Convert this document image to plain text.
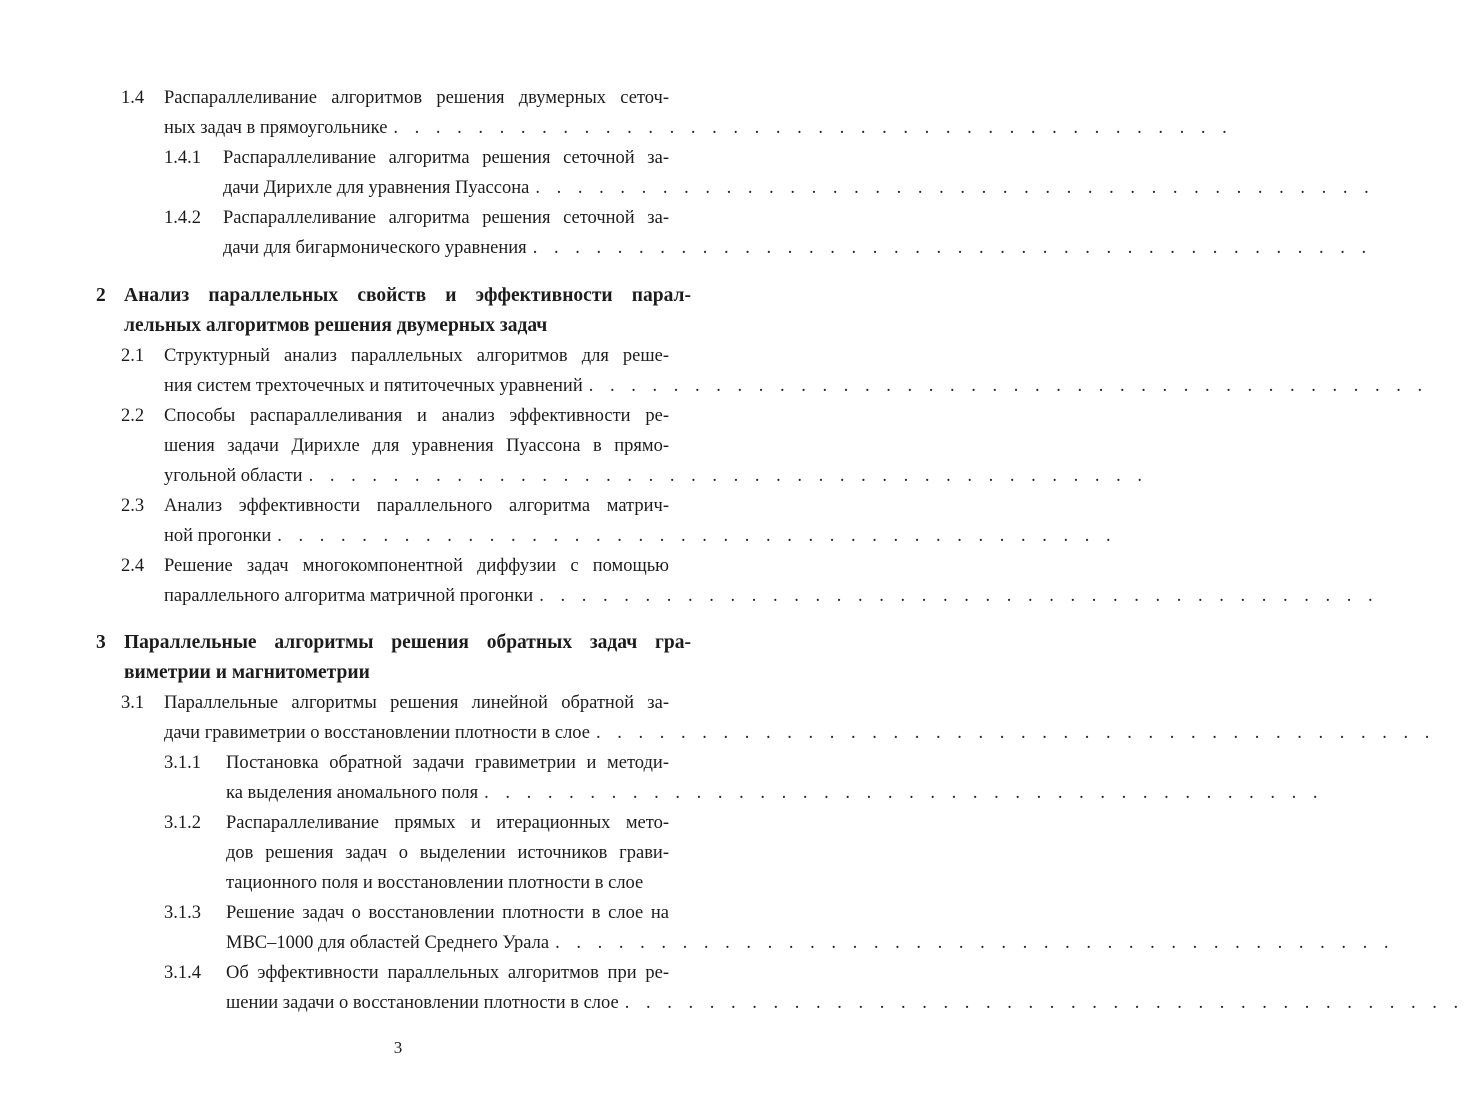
1.4 Распараллеливание алгоритмов решения двумерных сеточ-
ных задач в прямоугольнике . . . . . . . . . . . . . . . . . . . . . . . . . . . . . . . . . . . . . . . .
1.4.1 Распараллеливание алгоритма решения сеточной за-
дачи Дирихле для уравнения Пуассона . . . . . . . . . . . . . . . . . . . . . . . . . . . . . . . . . . . . . . . .
1.4.2 Распараллеливание алгоритма решения сеточной за-
дачи для бигармонического уравнения . . . . . . . . . . . . . . . . . . . . . . . . . . . . . . . . . . . . . . . .
2 Анализ параллельных свойств и эффективности парал-
лельных алгоритмов решения двумерных задач
2.1 Структурный анализ параллельных алгоритмов для реше-
ния систем трехточечных и пятиточечных уравнений . . . . . . . . . . . . . . . . . . . . . . . . . . . . . . . . . . . . . . . .
2.2 Способы распараллеливания и анализ эффективности ре-
шения задачи Дирихле для уравнения Пуассона в прямо-
угольной области . . . . . . . . . . . . . . . . . . . . . . . . . . . . . . . . . . . . . . . .
2.3 Анализ эффективности параллельного алгоритма матрич-
ной прогонки . . . . . . . . . . . . . . . . . . . . . . . . . . . . . . . . . . . . . . . .
2.4 Решение задач многокомпонентной диффузии с помощью
параллельного алгоритма матричной прогонки . . . . . . . . . . . . . . . . . . . . . . . . . . . . . . . . . . . . . . . .
3 Параллельные алгоритмы решения обратных задач гра-
виметрии и магнитометрии
3.1 Параллельные алгоритмы решения линейной обратной за-
дачи гравиметрии о восстановлении плотности в слое . . . . . . . . . . . . . . . . . . . . . . . . . . . . . . . . . . . . . . . .
3.1.1 Постановка обратной задачи гравиметрии и методи-
ка выделения аномального поля . . . . . . . . . . . . . . . . . . . . . . . . . . . . . . . . . . . . . . . .
3.1.2 Распараллеливание прямых и итерационных мето-
дов решения задач о выделении источников грави-
тационного поля и восстановлении плотности в слое
3.1.3 Решение задач о восстановлении плотности в слое на
МВС–1000 для областей Среднего Урала . . . . . . . . . . . . . . . . . . . . . . . . . . . . . . . . . . . . . . . .
3.1.4 Об эффективности параллельных алгоритмов при ре-
шении задачи о восстановлении плотности в слое . . . . . . . . . . . . . . . . . . . . . . . . . . . . . . . . . . . . . . . .
3
